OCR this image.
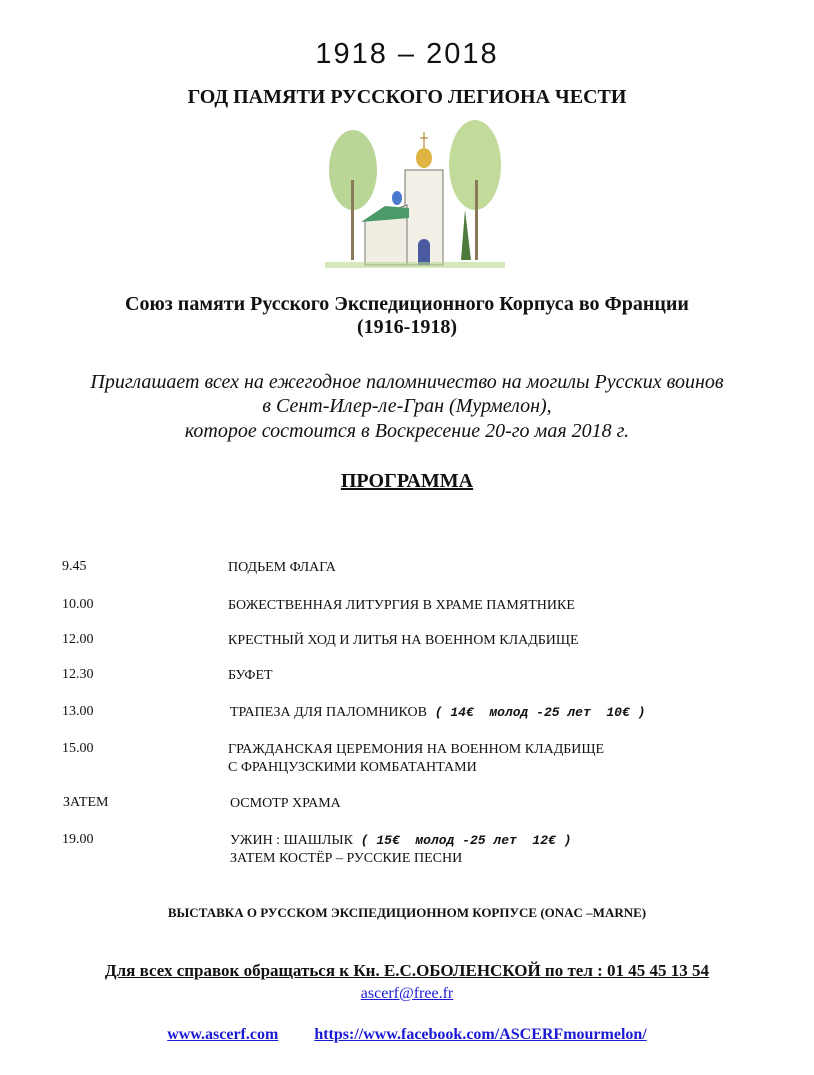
1918 – 2018
ГОД ПАМЯТИ РУССКОГО ЛЕГИОНА ЧЕСТИ
Союз памяти Русского Экспедиционного Корпуса во Франции
(1916-1918)
Приглашает всех на ежегодное паломничество на могилы Русских воинов
в Сент-Илер-ле-Гран (Мурмелон),
которое состоится в Воскресение 20-го мая 2018 г.
ПРОГРАММА
9.45	ПОДЬЕМ ФЛАГА
10.00	БОЖЕСТВЕННАЯ ЛИТУРГИЯ В ХРАМЕ ПАМЯТНИКЕ
12.00	КРЕСТНЫЙ ХОД И ЛИТЬЯ НА ВОЕННОМ КЛАДБИЩЕ
12.30	БУФЕТ
13.00	ТРАПЕЗА ДЛЯ ПАЛОМНИКОВ ( 14€  молод -25 лет  10€ )
15.00	ГРАЖДАНСКАЯ ЦЕРЕМОНИЯ НА ВОЕННОМ КЛАДБИЩЕ
С ФРАНЦУЗСКИМИ КОМБАТАНТАМИ
ЗАТЕМ	ОСМОТР ХРАМА
19.00	УЖИН : ШАШЛЫК ( 15€  молод -25 лет  12€ )
ЗАТЕМ КОСТЁР – РУССКИЕ ПЕСНИ
ВЫСТАВКА О РУССКОМ ЭКСПЕДИЦИОННОМ КОРПУСЕ (ONAC –MARNE)
Для всех справок обращаться к Кн. Е.С.ОБОЛЕНСКОЙ по тел : 01 45 45 13 54
ascerf@free.fr
www.ascerf.com https://www.facebook.com/ASCERFmourmelon/
